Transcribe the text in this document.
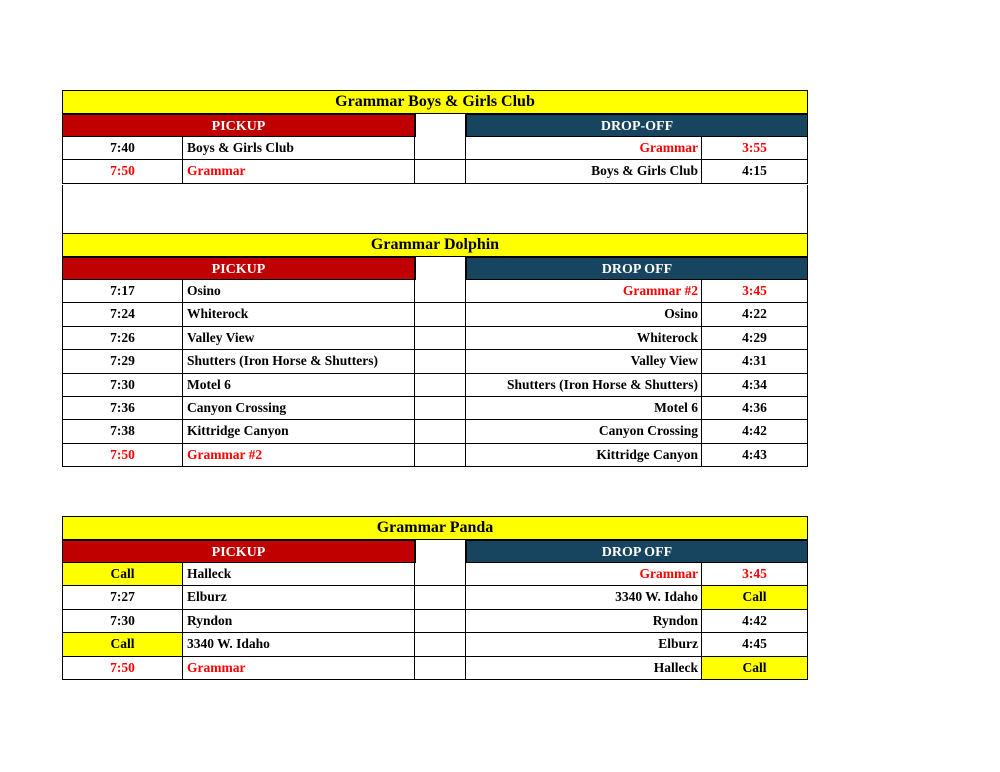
Grammar Boys & Girls Club
PICKUP	DROP-OFF
7:40	Boys & Girls Club	Grammar	3:55
7:50	Grammar	Boys & Girls Club	4:15
Grammar Dolphin
PICKUP	DROP OFF
7:17	Osino	Grammar #2	3:45
7:24	Whiterock	Osino	4:22
7:26	Valley View	Whiterock	4:29
7:29	Shutters (Iron Horse & Shutters)	Valley View	4:31
7:30	Motel 6	Shutters (Iron Horse & Shutters)	4:34
7:36	Canyon Crossing	Motel 6	4:36
7:38	Kittridge Canyon	Canyon Crossing	4:42
7:50	Grammar #2	Kittridge Canyon	4:43
Grammar Panda
PICKUP	DROP OFF
Call	Halleck	Grammar	3:45
7:27	Elburz	3340 W. Idaho	Call
7:30	Ryndon	Ryndon	4:42
Call	3340 W. Idaho	Elburz	4:45
7:50	Grammar	Halleck	Call
